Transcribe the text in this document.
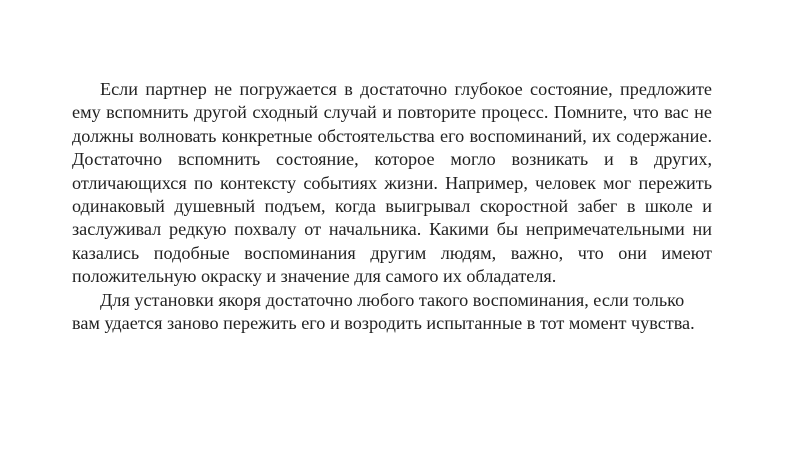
Если партнер не погружается в достаточно глубокое состояние, предложите ему вспомнить другой сходный случай и повторите процесс. Помните, что вас не должны волновать конкретные обстоятельства его воспоминаний, их содержание. Достаточно вспомнить состояние, которое могло возникать и в других, отличающихся по контексту событиях жизни. Например, человек мог пережить одинаковый душевный подъем, когда выигрывал скоростной забег в школе и заслуживал редкую похвалу от начальника. Какими бы непримечательными ни казались подобные воспоминания другим людям, важно, что они имеют положительную окраску и значение для самого их обладателя.

Для установки якоря достаточно любого такого воспоминания, если только вам удается заново пережить его и возродить испытанные в тот момент чувства.
